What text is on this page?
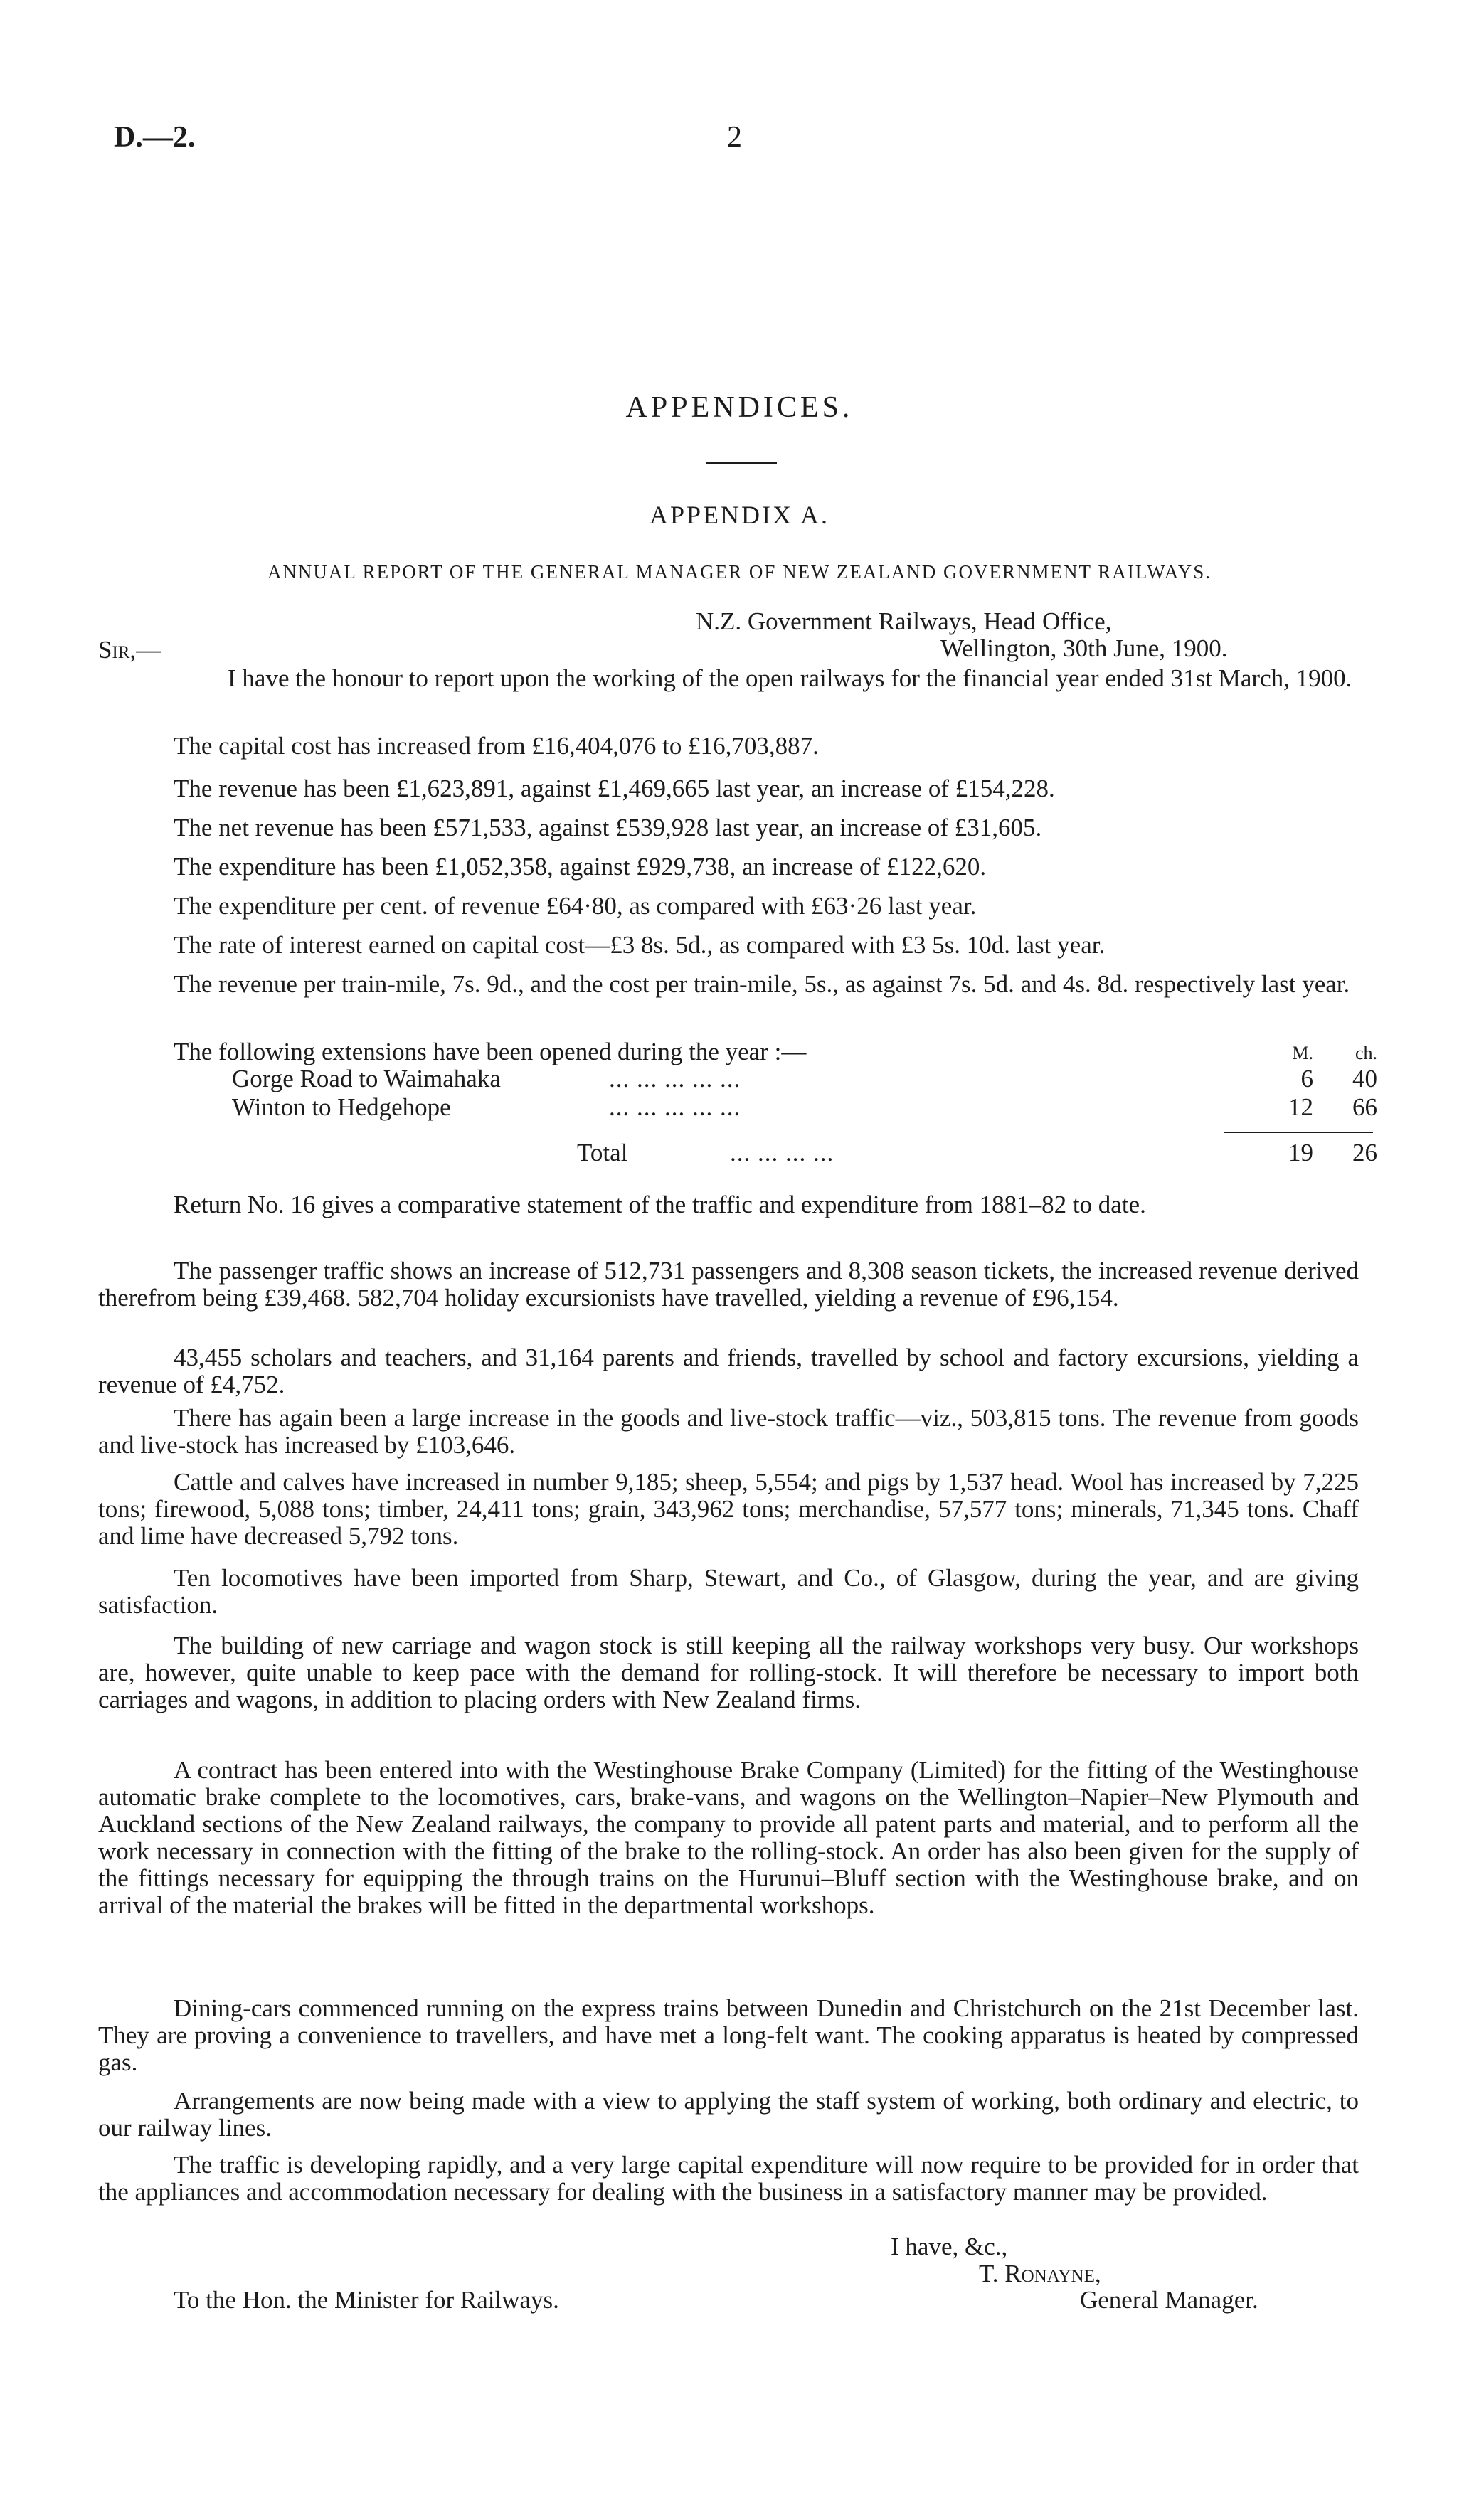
D.—2.	2
APPENDICES.
APPENDIX A.
ANNUAL REPORT OF THE GENERAL MANAGER OF NEW ZEALAND GOVERNMENT RAILWAYS.
N.Z. Government Railways, Head Office,
Wellington, 30th June, 1900.
Sir,—

I have the honour to report upon the working of the open railways for the financial year ended 31st March, 1900.

The capital cost has increased from £16,404,076 to £16,703,887.

The revenue has been £1,623,891, against £1,469,665 last year, an increase of £154,228.

The net revenue has been £571,533, against £539,928 last year, an increase of £31,605.

The expenditure has been £1,052,358, against £929,738, an increase of £122,620.

The expenditure per cent. of revenue £64·80, as compared with £63·26 last year.

The rate of interest earned on capital cost—£3 8s. 5d., as compared with £3 5s. 10d. last year.

The revenue per train-mile, 7s. 9d., and the cost per train-mile, 5s., as against 7s. 5d. and 4s. 8d. respectively last year.

The following extensions have been opened during the year :—	M.	ch.
Gorge Road to Waimahaka	... ... ... ... ...	6	40
Winton to Hedgehope	... ... ... ... ...	12	66
Total	... ... ... ...	19	26

Return No. 16 gives a comparative statement of the traffic and expenditure from 1881–82 to date.

The passenger traffic shows an increase of 512,731 passengers and 8,308 season tickets, the increased revenue derived therefrom being £39,468. 582,704 holiday excursionists have travelled, yielding a revenue of £96,154.

43,455 scholars and teachers, and 31,164 parents and friends, travelled by school and factory excursions, yielding a revenue of £4,752.

There has again been a large increase in the goods and live-stock traffic—viz., 503,815 tons. The revenue from goods and live-stock has increased by £103,646.

Cattle and calves have increased in number 9,185; sheep, 5,554; and pigs by 1,537 head. Wool has increased by 7,225 tons; firewood, 5,088 tons; timber, 24,411 tons; grain, 343,962 tons; merchandise, 57,577 tons; minerals, 71,345 tons. Chaff and lime have decreased 5,792 tons.

Ten locomotives have been imported from Sharp, Stewart, and Co., of Glasgow, during the year, and are giving satisfaction.

The building of new carriage and wagon stock is still keeping all the railway workshops very busy. Our workshops are, however, quite unable to keep pace with the demand for rolling-stock. It will therefore be necessary to import both carriages and wagons, in addition to placing orders with New Zealand firms.

A contract has been entered into with the Westinghouse Brake Company (Limited) for the fitting of the Westinghouse automatic brake complete to the locomotives, cars, brake-vans, and wagons on the Wellington–Napier–New Plymouth and Auckland sections of the New Zealand railways, the company to provide all patent parts and material, and to perform all the work necessary in connection with the fitting of the brake to the rolling-stock. An order has also been given for the supply of the fittings necessary for equipping the through trains on the Hurunui–Bluff section with the Westinghouse brake, and on arrival of the material the brakes will be fitted in the departmental workshops.

Dining-cars commenced running on the express trains between Dunedin and Christchurch on the 21st December last. They are proving a convenience to travellers, and have met a long-felt want. The cooking apparatus is heated by compressed gas.

Arrangements are now being made with a view to applying the staff system of working, both ordinary and electric, to our railway lines.

The traffic is developing rapidly, and a very large capital expenditure will now require to be provided for in order that the appliances and accommodation necessary for dealing with the business in a satisfactory manner may be provided.

I have, &c.,
T. Ronayne,
To the Hon. the Minister for Railways.	General Manager.
